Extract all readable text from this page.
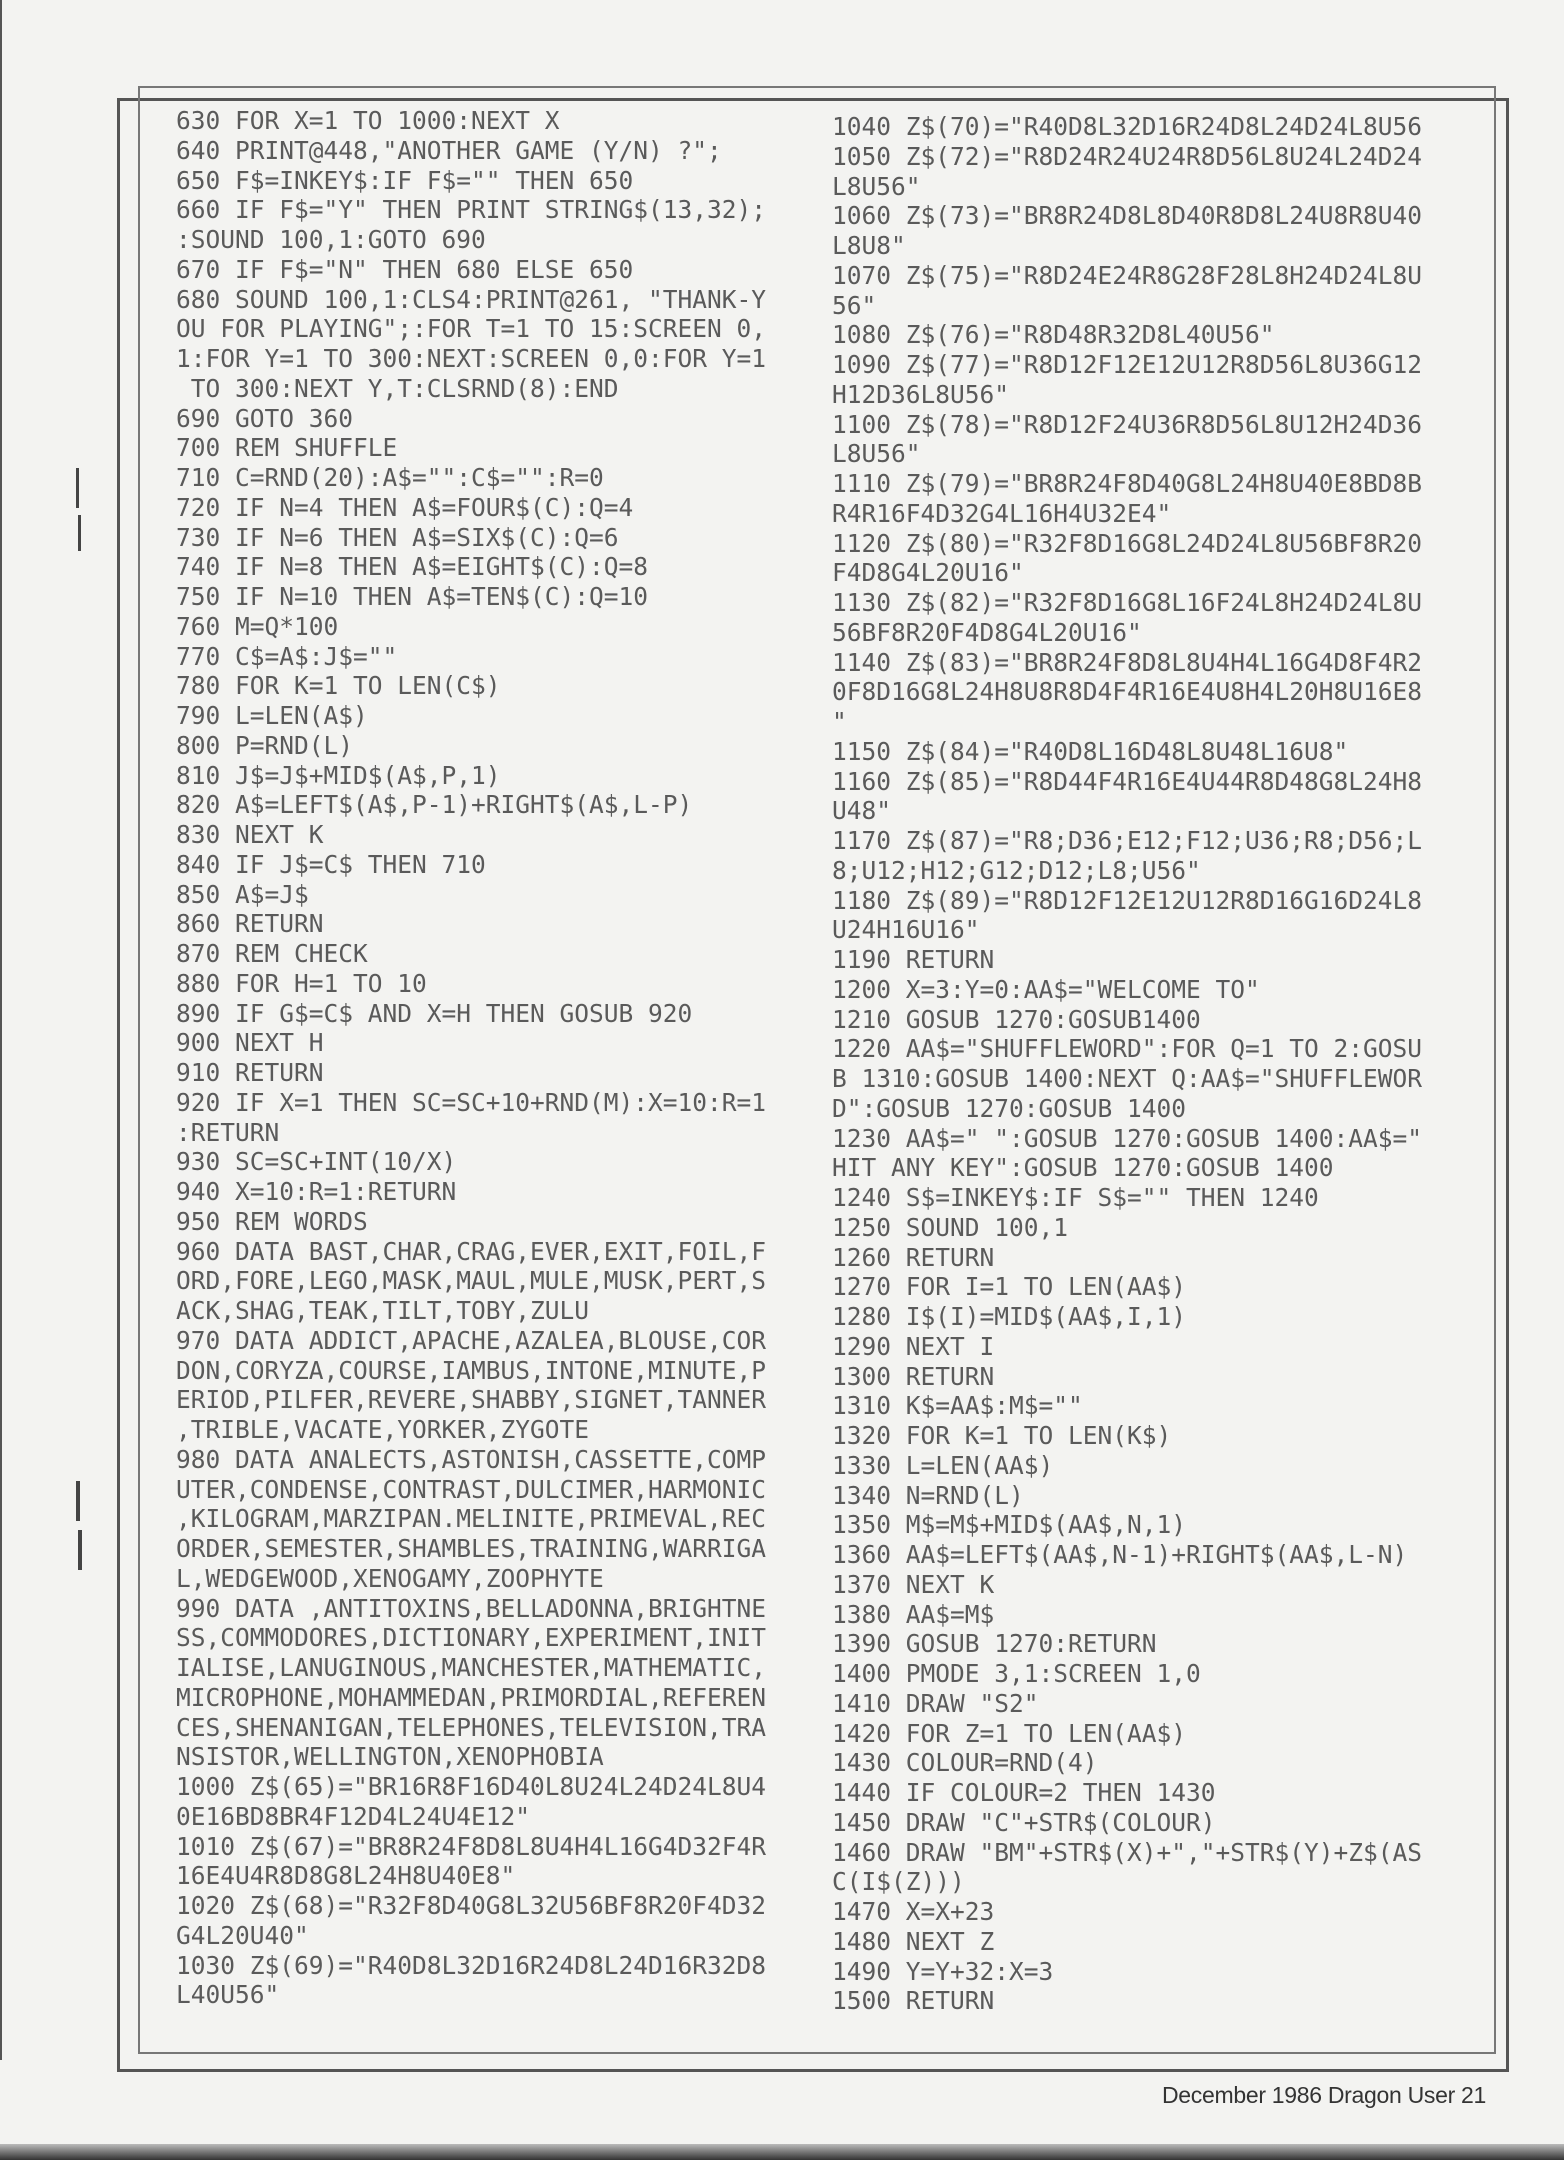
630 FOR X=1 TO 1000:NEXT X
640 PRINT@448,"ANOTHER GAME (Y/N) ?";
650 F$=INKEY$:IF F$="" THEN 650
660 IF F$="Y" THEN PRINT STRING$(13,32);
:SOUND 100,1:GOTO 690
670 IF F$="N" THEN 680 ELSE 650
680 SOUND 100,1:CLS4:PRINT@261, "THANK-Y
OU FOR PLAYING";:FOR T=1 TO 15:SCREEN 0,
1:FOR Y=1 TO 300:NEXT:SCREEN 0,0:FOR Y=1
TO 300:NEXT Y,T:CLSRND(8):END
690 GOTO 360
700 REM SHUFFLE
710 C=RND(20):A$="":C$="":R=0
720 IF N=4 THEN A$=FOUR$(C):Q=4
730 IF N=6 THEN A$=SIX$(C):Q=6
740 IF N=8 THEN A$=EIGHT$(C):Q=8
750 IF N=10 THEN A$=TEN$(C):Q=10
760 M=Q*100
770 C$=A$:J$=""
780 FOR K=1 TO LEN(C$)
790 L=LEN(A$)
800 P=RND(L)
810 J$=J$+MID$(A$,P,1)
820 A$=LEFT$(A$,P-1)+RIGHT$(A$,L-P)
830 NEXT K
840 IF J$=C$ THEN 710
850 A$=J$
860 RETURN
870 REM CHECK
880 FOR H=1 TO 10
890 IF G$=C$ AND X=H THEN GOSUB 920
900 NEXT H
910 RETURN
920 IF X=1 THEN SC=SC+10+RND(M):X=10:R=1
:RETURN
930 SC=SC+INT(10/X)
940 X=10:R=1:RETURN
950 REM WORDS
960 DATA BAST,CHAR,CRAG,EVER,EXIT,FOIL,F
ORD,FORE,LEGO,MASK,MAUL,MULE,MUSK,PERT,S
ACK,SHAG,TEAK,TILT,TOBY,ZULU
970 DATA ADDICT,APACHE,AZALEA,BLOUSE,COR
DON,CORYZA,COURSE,IAMBUS,INTONE,MINUTE,P
ERIOD,PILFER,REVERE,SHABBY,SIGNET,TANNER
,TRIBLE,VACATE,YORKER,ZYGOTE
980 DATA ANALECTS,ASTONISH,CASSETTE,COMP
UTER,CONDENSE,CONTRAST,DULCIMER,HARMONIC
,KILOGRAM,MARZIPAN.MELINITE,PRIMEVAL,REC
ORDER,SEMESTER,SHAMBLES,TRAINING,WARRIGA
L,WEDGEWOOD,XENOGAMY,ZOOPHYTE
990 DATA ,ANTITOXINS,BELLADONNA,BRIGHTNE
SS,COMMODORES,DICTIONARY,EXPERIMENT,INIT
IALISE,LANUGINOUS,MANCHESTER,MATHEMATIC,
MICROPHONE,MOHAMMEDAN,PRIMORDIAL,REFEREN
CES,SHENANIGAN,TELEPHONES,TELEVISION,TRA
NSISTOR,WELLINGTON,XENOPHOBIA
1000 Z$(65)="BR16R8F16D40L8U24L24D24L8U4
0E16BD8BR4F12D4L24U4E12"
1010 Z$(67)="BR8R24F8D8L8U4H4L16G4D32F4R
16E4U4R8D8G8L24H8U40E8"
1020 Z$(68)="R32F8D40G8L32U56BF8R20F4D32
G4L20U40"
1030 Z$(69)="R40D8L32D16R24D8L24D16R32D8
L40U56"
1040 Z$(70)="R40D8L32D16R24D8L24D24L8U56
1050 Z$(72)="R8D24R24U24R8D56L8U24L24D24
L8U56"
1060 Z$(73)="BR8R24D8L8D40R8D8L24U8R8U40
L8U8"
1070 Z$(75)="R8D24E24R8G28F28L8H24D24L8U
56"
1080 Z$(76)="R8D48R32D8L40U56"
1090 Z$(77)="R8D12F12E12U12R8D56L8U36G12
H12D36L8U56"
1100 Z$(78)="R8D12F24U36R8D56L8U12H24D36
L8U56"
1110 Z$(79)="BR8R24F8D40G8L24H8U40E8BD8B
R4R16F4D32G4L16H4U32E4"
1120 Z$(80)="R32F8D16G8L24D24L8U56BF8R20
F4D8G4L20U16"
1130 Z$(82)="R32F8D16G8L16F24L8H24D24L8U
56BF8R20F4D8G4L20U16"
1140 Z$(83)="BR8R24F8D8L8U4H4L16G4D8F4R2
0F8D16G8L24H8U8R8D4F4R16E4U8H4L20H8U16E8
"
1150 Z$(84)="R40D8L16D48L8U48L16U8"
1160 Z$(85)="R8D44F4R16E4U44R8D48G8L24H8
U48"
1170 Z$(87)="R8;D36;E12;F12;U36;R8;D56;L
8;U12;H12;G12;D12;L8;U56"
1180 Z$(89)="R8D12F12E12U12R8D16G16D24L8
U24H16U16"
1190 RETURN
1200 X=3:Y=0:AA$="WELCOME TO"
1210 GOSUB 1270:GOSUB1400
1220 AA$="SHUFFLEWORD":FOR Q=1 TO 2:GOSU
B 1310:GOSUB 1400:NEXT Q:AA$="SHUFFLEWOR
D":GOSUB 1270:GOSUB 1400
1230 AA$=" ":GOSUB 1270:GOSUB 1400:AA$="
HIT ANY KEY":GOSUB 1270:GOSUB 1400
1240 S$=INKEY$:IF S$="" THEN 1240
1250 SOUND 100,1
1260 RETURN
1270 FOR I=1 TO LEN(AA$)
1280 I$(I)=MID$(AA$,I,1)
1290 NEXT I
1300 RETURN
1310 K$=AA$:M$=""
1320 FOR K=1 TO LEN(K$)
1330 L=LEN(AA$)
1340 N=RND(L)
1350 M$=M$+MID$(AA$,N,1)
1360 AA$=LEFT$(AA$,N-1)+RIGHT$(AA$,L-N)
1370 NEXT K
1380 AA$=M$
1390 GOSUB 1270:RETURN
1400 PMODE 3,1:SCREEN 1,0
1410 DRAW "S2"
1420 FOR Z=1 TO LEN(AA$)
1430 COLOUR=RND(4)
1440 IF COLOUR=2 THEN 1430
1450 DRAW "C"+STR$(COLOUR)
1460 DRAW "BM"+STR$(X)+","+STR$(Y)+Z$(AS
C(I$(Z)))
1470 X=X+23
1480 NEXT Z
1490 Y=Y+32:X=3
1500 RETURN
December 1986 Dragon User 21
